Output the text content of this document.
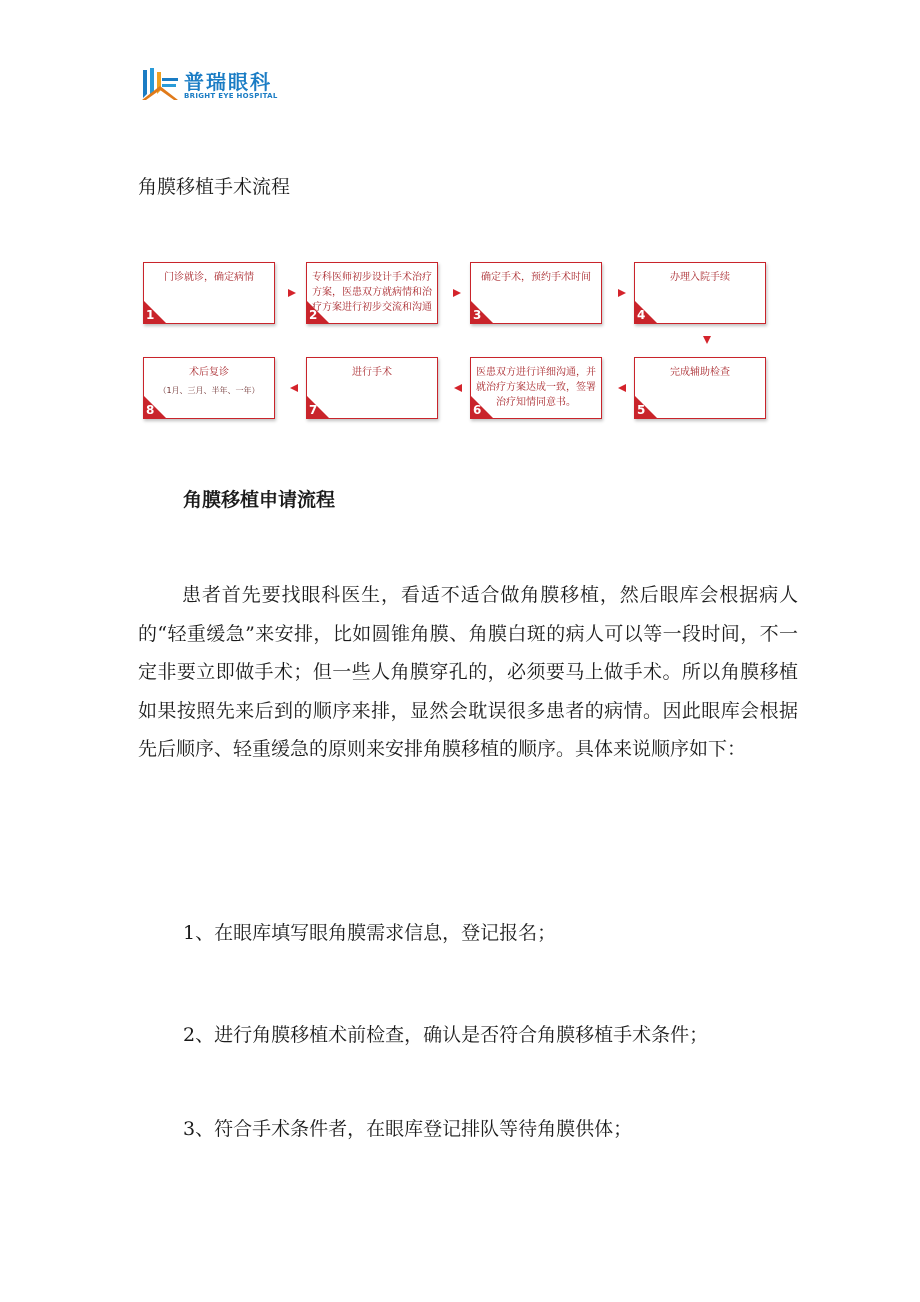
普瑞眼科
BRIGHT EYE HOSPITAL
角膜移植手术流程
门诊就诊，确定病情
1
专科医师初步设计手术治疗方案，医患双方就病情和治疗方案进行初步交流和沟通
2
确定手术，预约手术时间
3
办理入院手续
4
术后复诊
（1月、三月、半年、一年）
8
进行手术
7
医患双方进行详细沟通，并就治疗方案达成一致，签署治疗知情同意书。
6
完成辅助检查
5
角膜移植申请流程

患者首先要找眼科医生，看适不适合做角膜移植，然后眼库会根据病人的“轻重缓急”来安排，比如圆锥角膜、角膜白斑的病人可以等一段时间，不一定非要立即做手术；但一些人角膜穿孔的，必须要马上做手术。所以角膜移植如果按照先来后到的顺序来排，显然会耽误很多患者的病情。因此眼库会根据先后顺序、轻重缓急的原则来安排角膜移植的顺序。具体来说顺序如下：

1、在眼库填写眼角膜需求信息，登记报名；
2、进行角膜移植术前检查，确认是否符合角膜移植手术条件；
3、符合手术条件者，在眼库登记排队等待角膜供体；
